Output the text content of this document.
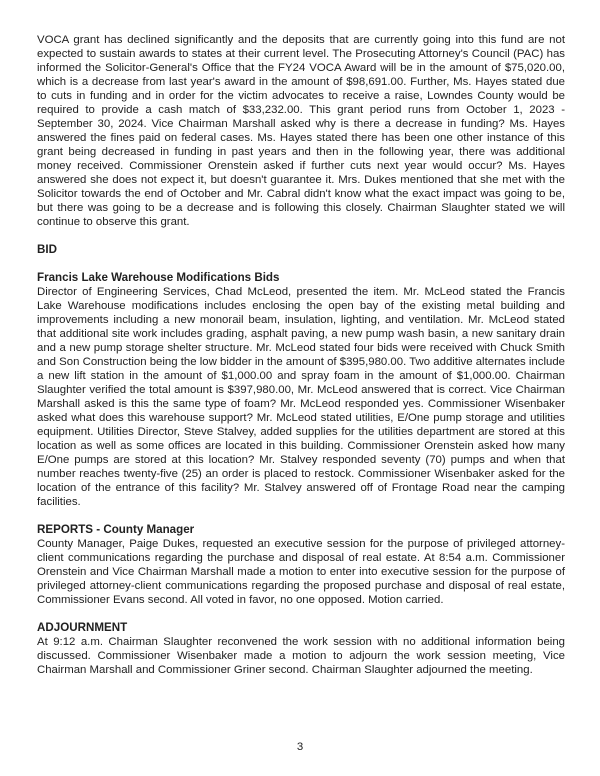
VOCA grant has declined significantly and the deposits that are currently going into this fund are not expected to sustain awards to states at their current level. The Prosecuting Attorney's Council (PAC) has informed the Solicitor-General's Office that the FY24 VOCA Award will be in the amount of $75,020.00, which is a decrease from last year's award in the amount of $98,691.00. Further, Ms. Hayes stated due to cuts in funding and in order for the victim advocates to receive a raise, Lowndes County would be required to provide a cash match of $33,232.00. This grant period runs from October 1, 2023 - September 30, 2024. Vice Chairman Marshall asked why is there a decrease in funding? Ms. Hayes answered the fines paid on federal cases. Ms. Hayes stated there has been one other instance of this grant being decreased in funding in past years and then in the following year, there was additional money received. Commissioner Orenstein asked if further cuts next year would occur? Ms. Hayes answered she does not expect it, but doesn't guarantee it. Mrs. Dukes mentioned that she met with the Solicitor towards the end of October and Mr. Cabral didn't know what the exact impact was going to be, but there was going to be a decrease and is following this closely. Chairman Slaughter stated we will continue to observe this grant.

BID
Francis Lake Warehouse Modifications Bids

Director of Engineering Services, Chad McLeod, presented the item. Mr. McLeod stated the Francis Lake Warehouse modifications includes enclosing the open bay of the existing metal building and improvements including a new monorail beam, insulation, lighting, and ventilation. Mr. McLeod stated that additional site work includes grading, asphalt paving, a new pump wash basin, a new sanitary drain and a new pump storage shelter structure. Mr. McLeod stated four bids were received with Chuck Smith and Son Construction being the low bidder in the amount of $395,980.00. Two additive alternates include a new lift station in the amount of $1,000.00 and spray foam in the amount of $1,000.00. Chairman Slaughter verified the total amount is $397,980.00, Mr. McLeod answered that is correct. Vice Chairman Marshall asked is this the same type of foam? Mr. McLeod responded yes. Commissioner Wisenbaker asked what does this warehouse support? Mr. McLeod stated utilities, E/One pump storage and utilities equipment. Utilities Director, Steve Stalvey, added supplies for the utilities department are stored at this location as well as some offices are located in this building. Commissioner Orenstein asked how many E/One pumps are stored at this location? Mr. Stalvey responded seventy (70) pumps and when that number reaches twenty-five (25) an order is placed to restock. Commissioner Wisenbaker asked for the location of the entrance of this facility? Mr. Stalvey answered off of Frontage Road near the camping facilities.

REPORTS - County Manager

County Manager, Paige Dukes, requested an executive session for the purpose of privileged attorney-client communications regarding the purchase and disposal of real estate. At 8:54 a.m. Commissioner Orenstein and Vice Chairman Marshall made a motion to enter into executive session for the purpose of privileged attorney-client communications regarding the proposed purchase and disposal of real estate, Commissioner Evans second. All voted in favor, no one opposed. Motion carried.

ADJOURNMENT

At 9:12 a.m. Chairman Slaughter reconvened the work session with no additional information being discussed. Commissioner Wisenbaker made a motion to adjourn the work session meeting, Vice Chairman Marshall and Commissioner Griner second. Chairman Slaughter adjourned the meeting.

3
